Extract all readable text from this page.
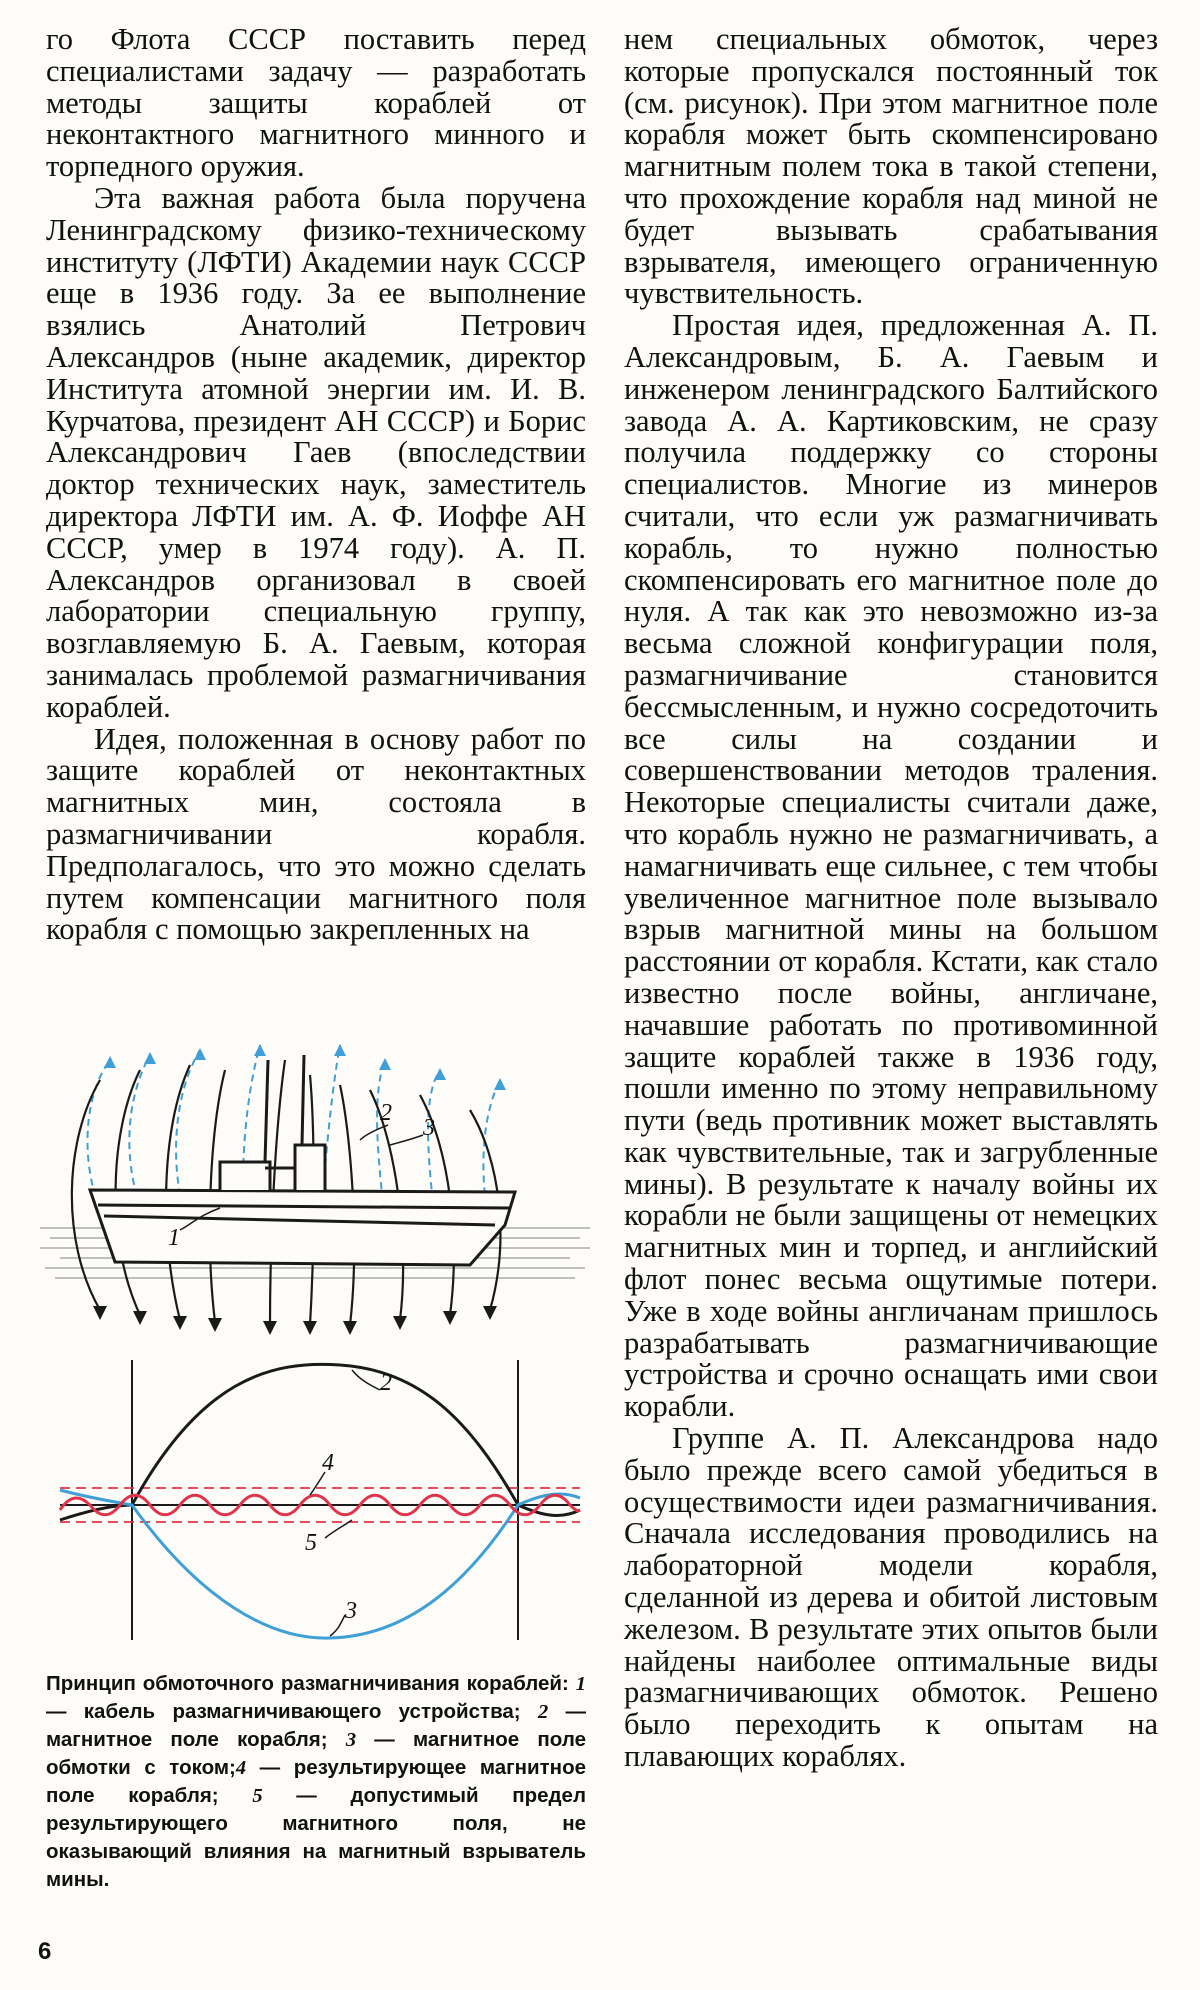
го Флота СССР поставить перед специалистами задачу — разработать методы защиты кораблей от неконтактного магнитного минного и торпедного оружия.

Эта важная работа была поручена Ленинградскому физико-техническому институту (ЛФТИ) Академии наук СССР еще в 1936 году. За ее выполнение взялись Анатолий Петрович Александров (ныне академик, директор Института атомной энергии им. И. В. Курчатова, президент АН СССР) и Борис Александрович Гаев (впоследствии доктор технических наук, заместитель директора ЛФТИ им. А. Ф. Иоффе АН СССР, умер в 1974 году). А. П. Александров организовал в своей лаборатории специальную группу, возглавляемую Б. А. Гаевым, которая занималась проблемой размагничивания кораблей.

Идея, положенная в основу работ по защите кораблей от неконтактных магнитных мин, состояла в размагничивании корабля. Предполагалось, что это можно сделать путем компенсации магнитного поля корабля с помощью закрепленных на

нем специальных обмоток, через которые пропускался постоянный ток (см. рисунок). При этом магнитное поле корабля может быть скомпенсировано магнитным полем тока в такой степени, что прохождение корабля над миной не будет вызывать срабатывания взрывателя, имеющего ограниченную чувствительность.

Простая идея, предложенная А. П. Александровым, Б. А. Гаевым и инженером ленинградского Балтийского завода А. А. Картиковским, не сразу получила поддержку со стороны специалистов. Многие из минеров считали, что если уж размагничивать корабль, то нужно полностью скомпенсировать его магнитное поле до нуля. А так как это невозможно из-за весьма сложной конфигурации поля, размагничивание становится бессмысленным, и нужно сосредоточить все силы на создании и совершенствовании методов траления. Некоторые специалисты считали даже, что корабль нужно не размагничивать, а намагничивать еще сильнее, с тем чтобы увеличенное магнитное поле вызывало взрыв магнитной мины на большом расстоянии от корабля. Кстати, как стало известно после войны, англичане, начавшие работать по противоминной защите кораблей также в 1936 году, пошли именно по этому неправильному пути (ведь противник может выставлять как чувствительные, так и загрубленные мины). В результате к началу войны их корабли не были защищены от немецких магнитных мин и торпед, и английский флот понес весьма ощутимые потери. Уже в ходе войны англичанам пришлось разрабатывать размагничивающие устройства и срочно оснащать ими свои корабли.

Группе А. П. Александрова надо было прежде всего самой убедиться в осуществимости идеи размагничивания. Сначала исследования проводились на лабораторной модели корабля, сделанной из дерева и обитой листовым железом. В результате этих опытов были найдены наиболее оптимальные виды размагничивающих обмоток. Решено было переходить к опытам на плавающих кораблях.

1
2
3
2
4
5
3
Принцип обмоточного размагничивания кораблей: 1 — кабель размагничивающего устройства; 2 — магнитное поле корабля; 3 — магнитное поле обмотки с током;4 — результирующее магнитное поле корабля; 5 — допустимый предел результирующего магнитного поля, не оказывающий влияния на магнитный взрыватель мины.
6
